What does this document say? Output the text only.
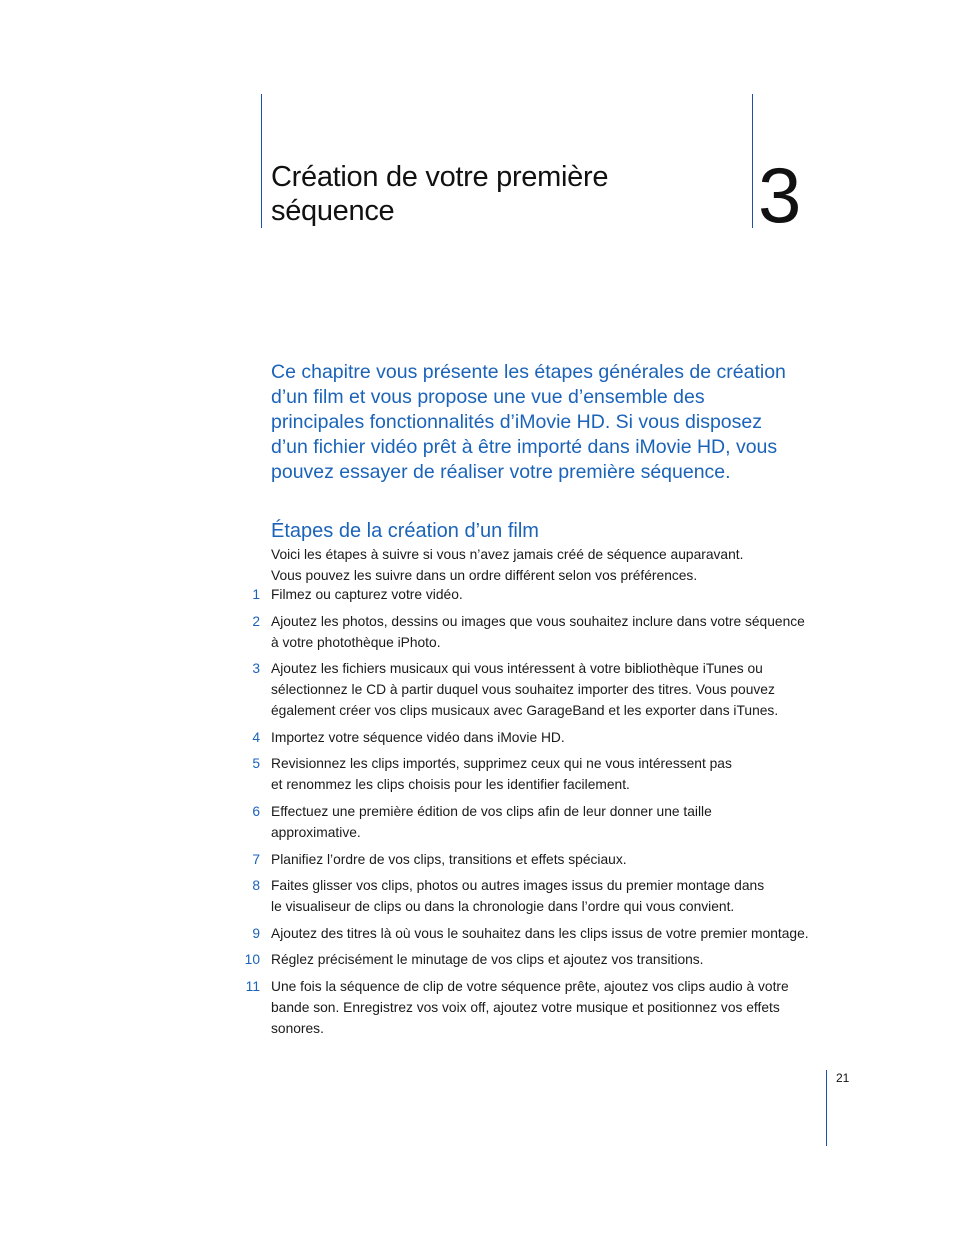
Création de votre première
séquence	3

Ce chapitre vous présente les étapes générales de création d’un film et vous propose une vue d’ensemble des principales fonctionnalités d’iMovie HD. Si vous disposez d’un fichier vidéo prêt à être importé dans iMovie HD, vous pouvez essayer de réaliser votre première séquence.

Étapes de la création d’un film

Voici les étapes à suivre si vous n’avez jamais créé de séquence auparavant.
Vous pouvez les suivre dans un ordre différent selon vos préférences.

1 Filmez ou capturez votre vidéo.
2 Ajoutez les photos, dessins ou images que vous souhaitez inclure dans votre séquence
à votre photothèque iPhoto.
3 Ajoutez les fichiers musicaux qui vous intéressent à votre bibliothèque iTunes ou
sélectionnez le CD à partir duquel vous souhaitez importer des titres. Vous pouvez
également créer vos clips musicaux avec GarageBand et les exporter dans iTunes.
4 Importez votre séquence vidéo dans iMovie HD.
5 Revisionnez les clips importés, supprimez ceux qui ne vous intéressent pas
et renommez les clips choisis pour les identifier facilement.
6 Effectuez une première édition de vos clips afin de leur donner une taille
approximative.
7 Planifiez l’ordre de vos clips, transitions et effets spéciaux.
8 Faites glisser vos clips, photos ou autres images issus du premier montage dans
le visualiseur de clips ou dans la chronologie dans l’ordre qui vous convient.
9 Ajoutez des titres là où vous le souhaitez dans les clips issus de votre premier montage.
10 Réglez précisément le minutage de vos clips et ajoutez vos transitions.
11 Une fois la séquence de clip de votre séquence prête, ajoutez vos clips audio à votre
bande son. Enregistrez vos voix off, ajoutez votre musique et positionnez vos effets
sonores.
21
